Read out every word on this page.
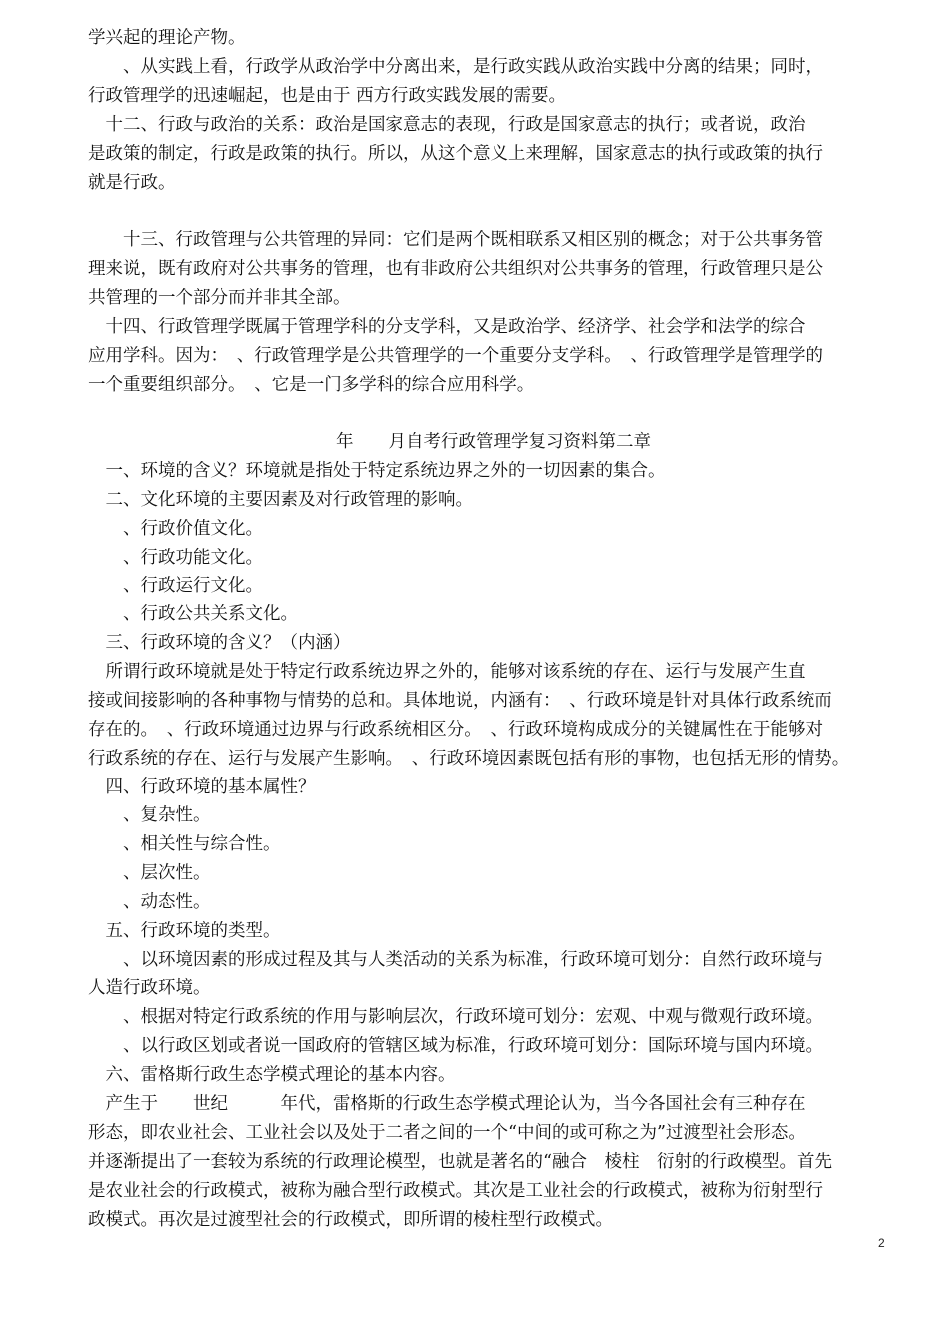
学兴起的理论产物。
　　、从实践上看，行政学从政治学中分离出来，是行政实践从政治实践中分离的结果；同时，
行政管理学的迅速崛起，也是由于 西方行政实践发展的需要。
　十二、行政与政治的关系：政治是国家意志的表现，行政是国家意志的执行；或者说，政治
是政策的制定，行政是政策的执行。所以，从这个意义上来理解，国家意志的执行或政策的执行
就是行政。
　　十三、行政管理与公共管理的异同：它们是两个既相联系又相区别的概念；对于公共事务管
理来说，既有政府对公共事务的管理，也有非政府公共组织对公共事务的管理，行政管理只是公
共管理的一个部分而并非其全部。
　十四、行政管理学既属于管理学科的分支学科，又是政治学、经济学、社会学和法学的综合
应用学科。因为：　、行政管理学是公共管理学的一个重要分支学科。　、行政管理学是管理学的
一个重要组织部分。　、它是一门多学科的综合应用科学。
年　　月自考行政管理学复习资料第二章
　一、环境的含义？环境就是指处于特定系统边界之外的一切因素的集合。
　二、文化环境的主要因素及对行政管理的影响。
　　、行政价值文化。
　　、行政功能文化。
　　、行政运行文化。
　　、行政公共关系文化。
　三、行政环境的含义？（内涵）
　所谓行政环境就是处于特定行政系统边界之外的，能够对该系统的存在、运行与发展产生直
接或间接影响的各种事物与情势的总和。具体地说，内涵有：　、行政环境是针对具体行政系统而
存在的。　、行政环境通过边界与行政系统相区分。　、行政环境构成成分的关键属性在于能够对
行政系统的存在、运行与发展产生影响。　、行政环境因素既包括有形的事物，也包括无形的情势。
　四、行政环境的基本属性？
　　、复杂性。
　　、相关性与综合性。
　　、层次性。
　　、动态性。
　五、行政环境的类型。
　　、以环境因素的形成过程及其与人类活动的关系为标准，行政环境可划分：自然行政环境与
人造行政环境。
　　、根据对特定行政系统的作用与影响层次，行政环境可划分：宏观、中观与微观行政环境。
　　、以行政区划或者说一国政府的管辖区域为标准，行政环境可划分：国际环境与国内环境。
　六、雷格斯行政生态学模式理论的基本内容。
　产生于　　世纪　　　年代，雷格斯的行政生态学模式理论认为，当今各国社会有三种存在
形态，即农业社会、工业社会以及处于二者之间的一个“中间的或可称之为”过渡型社会形态。
并逐渐提出了一套较为系统的行政理论模型，也就是著名的“融合　棱柱　衍射的行政模型。首先
是农业社会的行政模式，被称为融合型行政模式。其次是工业社会的行政模式，被称为衍射型行
政模式。再次是过渡型社会的行政模式，即所谓的棱柱型行政模式。
2
